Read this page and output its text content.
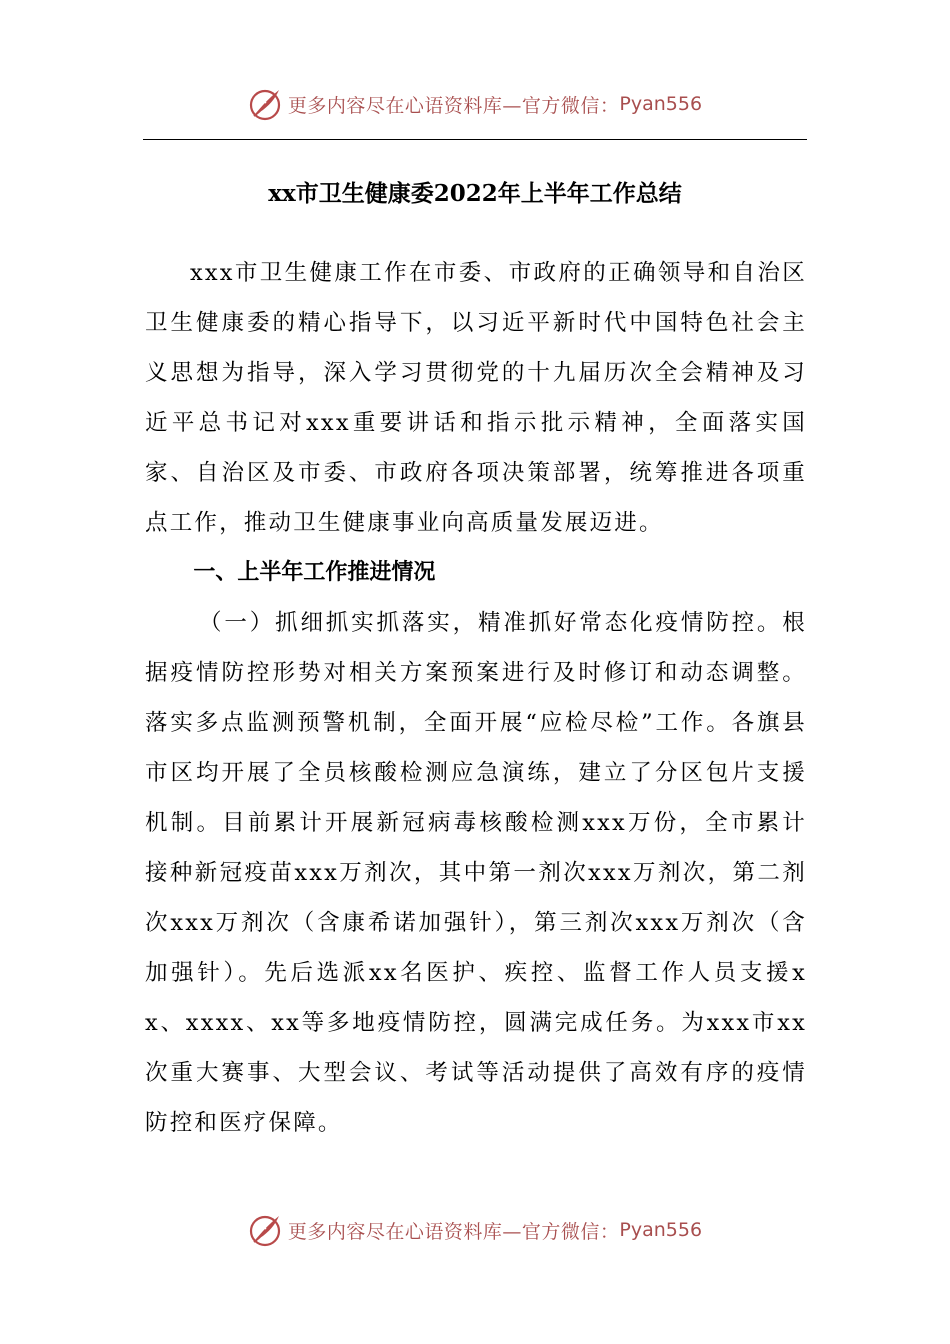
更多内容尽在心语资料库—官方微信： Pyan556
xx市卫生健康委2022年上半年工作总结

xxx市卫生健康工作在市委、市政府的正确领导和自治区卫生健康委的精心指导下，以习近平新时代中国特色社会主义思想为指导，深入学习贯彻党的十九届历次全会精神及习近平总书记对xxx重要讲话和指示批示精神，全面落实国家、自治区及市委、市政府各项决策部署，统筹推进各项重点工作，推动卫生健康事业向高质量发展迈进。

一、上半年工作推进情况

（一）抓细抓实抓落实，精准抓好常态化疫情防控。根据疫情防控形势对相关方案预案进行及时修订和动态调整。落实多点监测预警机制，全面开展“应检尽检”工作。各旗县市区均开展了全员核酸检测应急演练，建立了分区包片支援机制。目前累计开展新冠病毒核酸检测xxx万份，全市累计接种新冠疫苗xxx万剂次，其中第一剂次xxx万剂次，第二剂次xxx万剂次（含康希诺加强针），第三剂次xxx万剂次（含加强针）。先后选派xx名医护、疾控、监督工作人员支援xx、xxxx、xx等多地疫情防控，圆满完成任务。为xxx市xx次重大赛事、大型会议、考试等活动提供了高效有序的疫情防控和医疗保障。

更多内容尽在心语资料库—官方微信： Pyan556
